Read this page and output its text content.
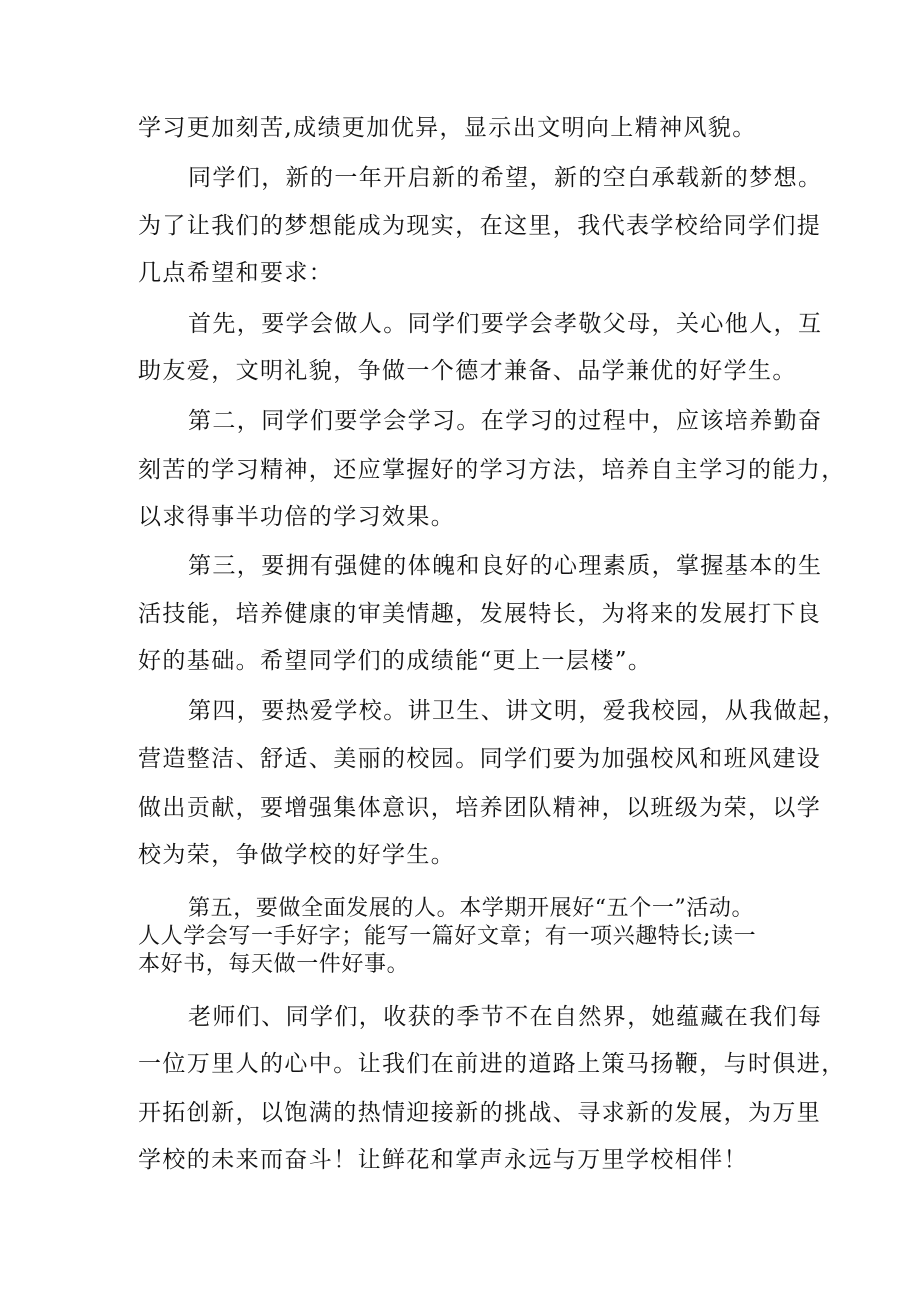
学习更加刻苦,成绩更加优异，显示出文明向上精神风貌。
同学们，新的一年开启新的希望，新的空白承载新的梦想。
为了让我们的梦想能成为现实，在这里，我代表学校给同学们提
几点希望和要求：
首先，要学会做人。同学们要学会孝敬父母，关心他人，互
助友爱，文明礼貌，争做一个德才兼备、品学兼优的好学生。
第二，同学们要学会学习。在学习的过程中，应该培养勤奋
刻苦的学习精神，还应掌握好的学习方法，培养自主学习的能力，
以求得事半功倍的学习效果。
第三，要拥有强健的体魄和良好的心理素质，掌握基本的生
活技能，培养健康的审美情趣，发展特长，为将来的发展打下良
好的基础。希望同学们的成绩能“更上一层楼”。
第四，要热爱学校。讲卫生、讲文明，爱我校园，从我做起，
营造整洁、舒适、美丽的校园。同学们要为加强校风和班风建设
做出贡献，要增强集体意识，培养团队精神，以班级为荣，以学
校为荣，争做学校的好学生。
第五，要做全面发展的人。本学期开展好“五个一”活动。
人人学会写一手好字；能写一篇好文章；有一项兴趣特长;读一
本好书，每天做一件好事。
老师们、同学们，收获的季节不在自然界，她蕴藏在我们每
一位万里人的心中。让我们在前进的道路上策马扬鞭，与时俱进，
开拓创新，以饱满的热情迎接新的挑战、寻求新的发展，为万里
学校的未来而奋斗！让鲜花和掌声永远与万里学校相伴！
